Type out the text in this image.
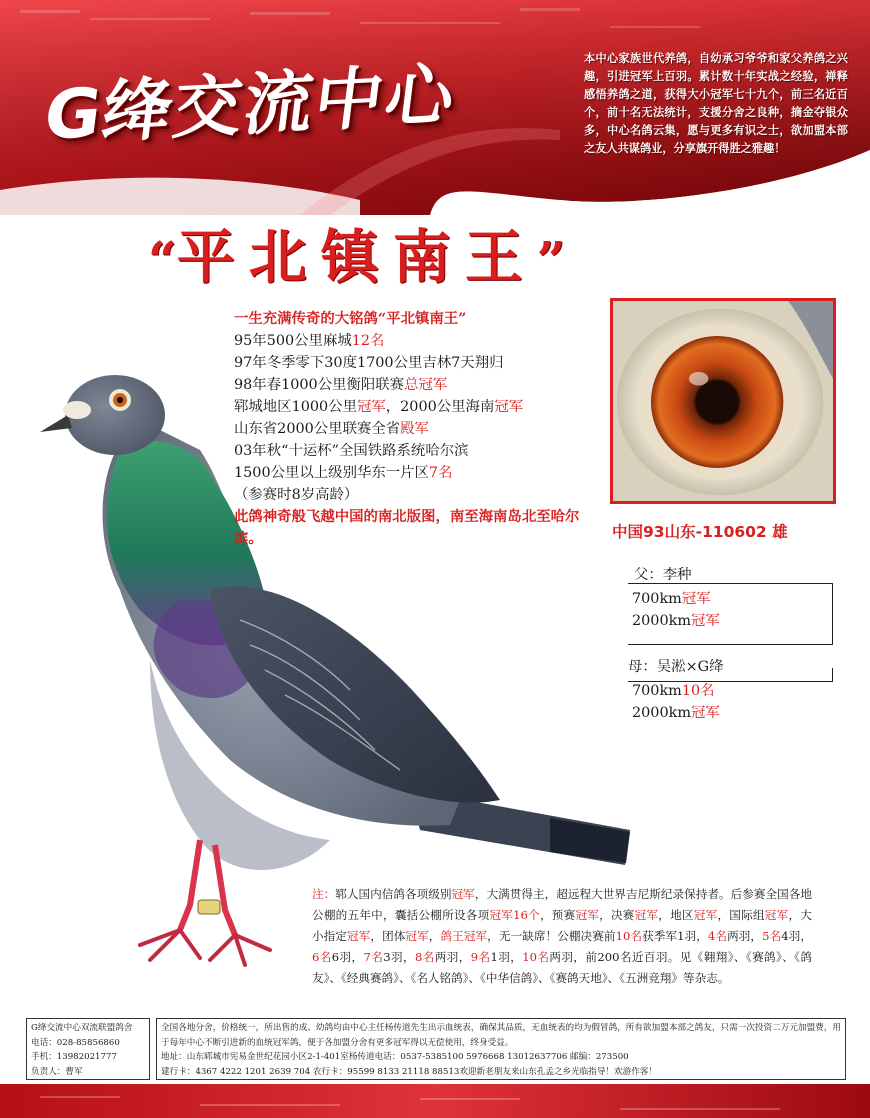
G绛交流中心	本中心家族世代养鸽，自幼承习爷爷和家父养鸽之兴趣，引进冠军上百羽。累计数十年实战之经验，禅释感悟养鸽之道，获得大小冠军七十九个，前三名近百个，前十名无法统计，支援分舍之良种，摘金夺银众多，中心名鸽云集，愿与更多有识之士，欲加盟本部之友人共谋鸽业，分享旗开得胜之雅趣！
“平北镇南王”
一生充满传奇的大铭鸽“平北镇南王”
95年500公里麻城12名
97年冬季零下30度1700公里吉林7天翔归
98年春1000公里衡阳联赛总冠军
郓城地区1000公里冠军，2000公里海南冠军
山东省2000公里联赛全省殿军
03年秋“十运杯”全国铁路系统哈尔滨
1500公里以上级别华东一片区7名
（参赛时8岁高龄）
此鸽神奇般飞越中国的南北版图，南至海南岛北至哈尔滨。	中国93山东-110602 雄
父：李种
700km冠军
2000km冠军
母：吴淞×G绛
700km10名
2000km冠军
注：郓人国内信鸽各项级别冠军，大满贯得主，超远程大世界吉尼斯纪录保持者。后参赛全国各地公棚的五年中，囊括公棚所设各项冠军16个，预赛冠军，决赛冠军，地区冠军，国际组冠军，大小指定冠军，团体冠军，鸽王冠军，无一缺席！公棚决赛前10名获季军1羽，4名两羽，5名4羽，6名6羽，7名3羽，8名两羽，9名1羽，10名两羽，前200名近百羽。见《翱翔》、《赛鸽》、《鸽友》、《经典赛鸽》、《名人铭鸽》、《中华信鸽》、《赛鸽天地》、《五洲竞翔》等杂志。
G绛交流中心双流联盟鸽舍
电话：028-85856860
手机：13982021777
负责人：曹军
全国各地分舍，价格统一，所出售的成、幼鸽均由中心主任杨传道先生出示血统表，确保其品质，无血统表的均为假冒鸽，所有欲加盟本部之鸽友，只需一次投资二万元加盟费，用于每年中心不断引进新的血统冠军鸽，便于各加盟分舍有更多冠军得以无偿使用，终身受益。
地址：山东郓城市宪易金世纪花园小区2-1-401室杨传道电话：0537-5385100 5976668 13012637706 邮编：273500
建行卡：4367 4222 1201 2639 704 农行卡：95599 8133 21118 88513欢迎新老朋友来山东孔孟之乡光临指导！欢游作客！
